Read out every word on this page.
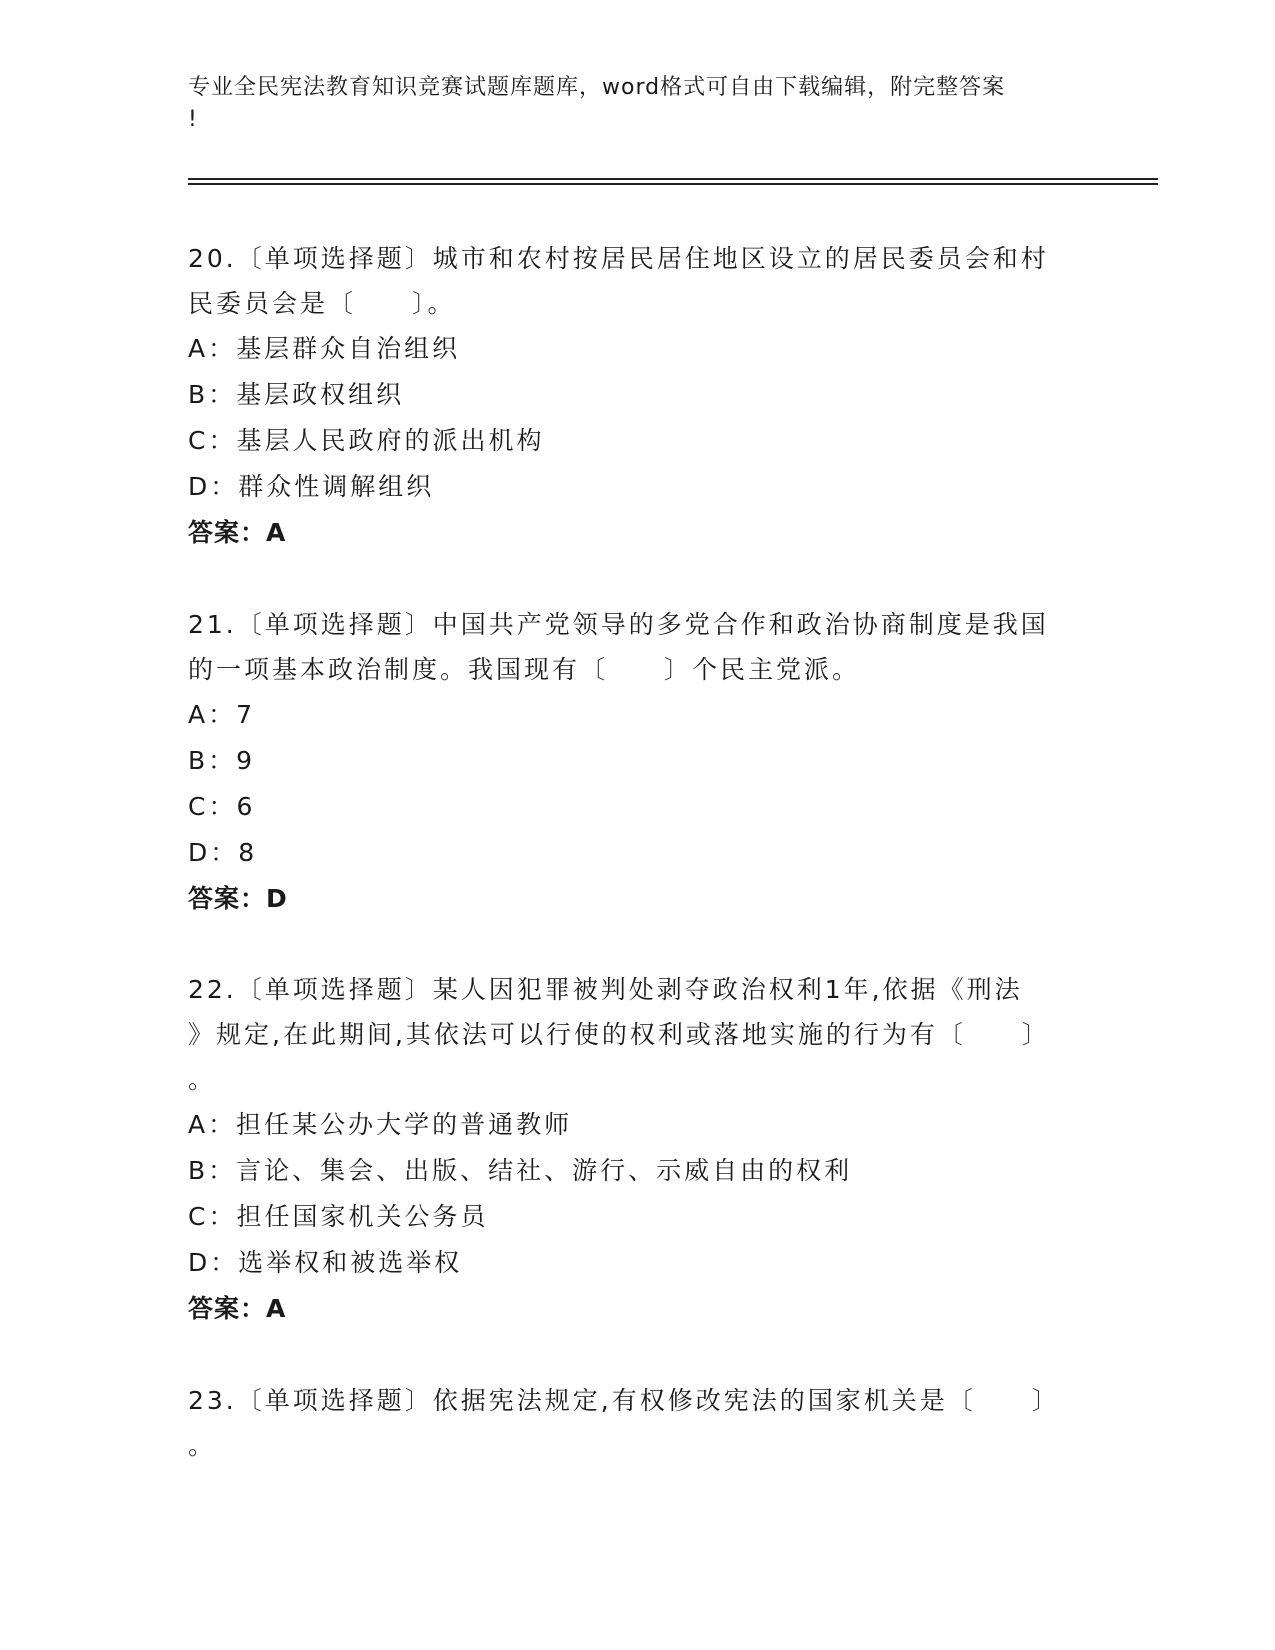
专业全民宪法教育知识竞赛试题库题库，word格式可自由下载编辑，附完整答案
!
20.〔单项选择题〕城市和农村按居民居住地区设立的居民委员会和村
民委员会是〔　　〕。
A：基层群众自治组织
B：基层政权组织
C：基层人民政府的派出机构
D：群众性调解组织
答案：A
21.〔单项选择题〕中国共产党领导的多党合作和政治协商制度是我国
的一项基本政治制度。我国现有〔　　〕个民主党派。
A：7
B：9
C：6
D：8
答案：D
22.〔单项选择题〕某人因犯罪被判处剥夺政治权利1年,依据《刑法
》规定,在此期间,其依法可以行使的权利或落地实施的行为有〔　　〕
。
A：担任某公办大学的普通教师
B：言论、集会、出版、结社、游行、示威自由的权利
C：担任国家机关公务员
D：选举权和被选举权
答案：A
23.〔单项选择题〕依据宪法规定,有权修改宪法的国家机关是〔　　〕
。
